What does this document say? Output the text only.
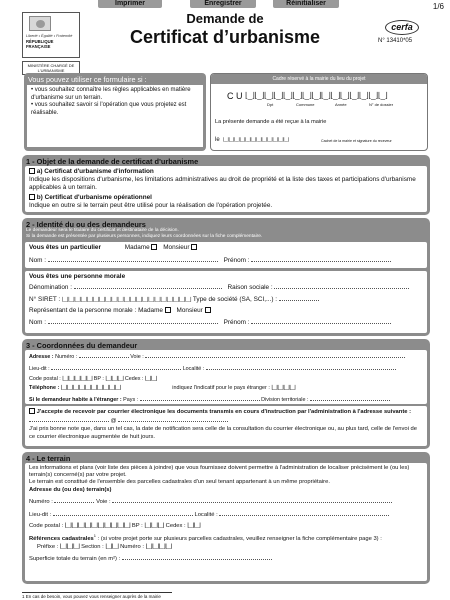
Imprimer	Enregistrer	Réinitialiser	1/6
Liberté • Égalité • Fraternité
RÉPUBLIQUE FRANÇAISE
MINISTÈRE CHARGÉ DE L'URBANISME
Demande de
Certificat d’urbanisme	cerfa
N° 13410*05
Vous pouvez utiliser ce formulaire si :
• vous souhaitez connaître les règles applicables en matière d'urbanisme sur un terrain.
• vous souhaitez savoir si l'opération que vous projetez est réalisable.
Cadre réservé à la mairie du lieu du projet
C U ⌊_⌋⌊_⌋⌊_⌋⌊_⌋⌊_⌋⌊_⌋⌊_⌋⌊_⌋⌊_⌋⌊_⌋⌊_⌋⌊_⌋⌊_⌋⌊_⌋⌊_⌋
Dpt	Commune	Année	N° de dossier
La présente demande a été reçue à la mairie
le ⌊_⌋⌊_⌋⌊_⌋⌊_⌋⌊_⌋⌊_⌋⌊_⌋⌊_⌋⌊_⌋⌊_⌋⌊_⌋⌊_⌋	Cachet de la mairie et signature du receveur
1 - Objet de la demande de certificat d'urbanisme
a) Certificat d'urbanisme d'information
Indique les dispositions d'urbanisme, les limitations administratives au droit de propriété et la liste des taxes et participations d'urbanisme applicables à un terrain.
b) Certificat d'urbanisme opérationnel
Indique en outre si le terrain peut être utilisé pour la réalisation de l'opération projetée.
2 - Identité du ou des demandeurs
Le demandeur sera le titulaire du certificat et destinataire de la décision.
Si la demande est présentée par plusieurs personnes, indiquez leurs coordonnées sur la fiche complémentaire.
Vous êtes un particulier	Madame Monsieur
Nom :	Prénom :
Vous êtes une personne morale
Dénomination :	Raison sociale :
N° SIRET : ⌊_⌋⌊_⌋⌊_⌋⌊_⌋⌊_⌋⌊_⌋⌊_⌋⌊_⌋⌊_⌋⌊_⌋⌊_⌋⌊_⌋⌊_⌋⌊_⌋⌊_⌋⌊_⌋⌊_⌋⌊_⌋⌊_⌋⌊_⌋⌊_⌋ Type de société (SA, SCI,...) :
Représentant de la personne morale : Madame Monsieur
Nom :	Prénom :
3 - Coordonnées du demandeur
Adresse : Numéro :	Voie :
Lieu-dit :	Localité :
Code postal : ⌊_⌋⌊_⌋⌊_⌋⌊_⌋⌊_⌋ BP : ⌊_⌋⌊_⌋⌊_⌋ Cedex : ⌊_⌋⌊_⌋
Téléphone : ⌊_⌋⌊_⌋⌊_⌋⌊_⌋⌊_⌋⌊_⌋⌊_⌋⌊_⌋⌊_⌋⌊_⌋	indiquez l'indicatif pour le pays étranger : ⌊_⌋⌊_⌋⌊_⌋⌊_⌋
Si le demandeur habite à l'étranger : Pays :	Division territoriale :
J'accepte de recevoir par courrier électronique les documents transmis en cours d'instruction par l'administration à l'adresse suivante :  @
J'ai pris bonne note que, dans un tel cas, la date de notification sera celle de la consultation du courrier électronique ou, au plus tard, celle de l'envoi de ce courrier électronique augmentée de huit jours.
4 - Le terrain
Les informations et plans (voir liste des pièces à joindre) que vous fournissez doivent permettre à l'administration de localiser précisément le (ou les) terrain(s) concerné(s) par votre projet.
Le terrain est constitué de l'ensemble des parcelles cadastrales d'un seul tenant appartenant à un même propriétaire.
Adresse du (ou des) terrain(s)
Numéro :	Voie :
Lieu-dit :	Localité :
Code postal : ⌊_⌋⌊_⌋⌊_⌋⌊_⌋⌊_⌋⌊_⌋⌊_⌋⌊_⌋⌊_⌋⌊_⌋ BP : ⌊_⌋⌊_⌋⌊_⌋ Cedex : ⌊_⌋⌊_⌋
Références cadastrales$^1$ : (si votre projet porte sur plusieurs parcelles cadastrales, veuillez renseigner la fiche complémentaire page 3) :
Préfixe : ⌊_⌋⌊_⌋⌊_⌋ Section : ⌊_⌋⌊_⌋ Numéro : ⌊_⌋⌊_⌋⌊_⌋⌊_⌋
Superficie totale du terrain (en m²) :
1 En cas de besoin, vous pouvez vous renseigner auprès de la mairie
